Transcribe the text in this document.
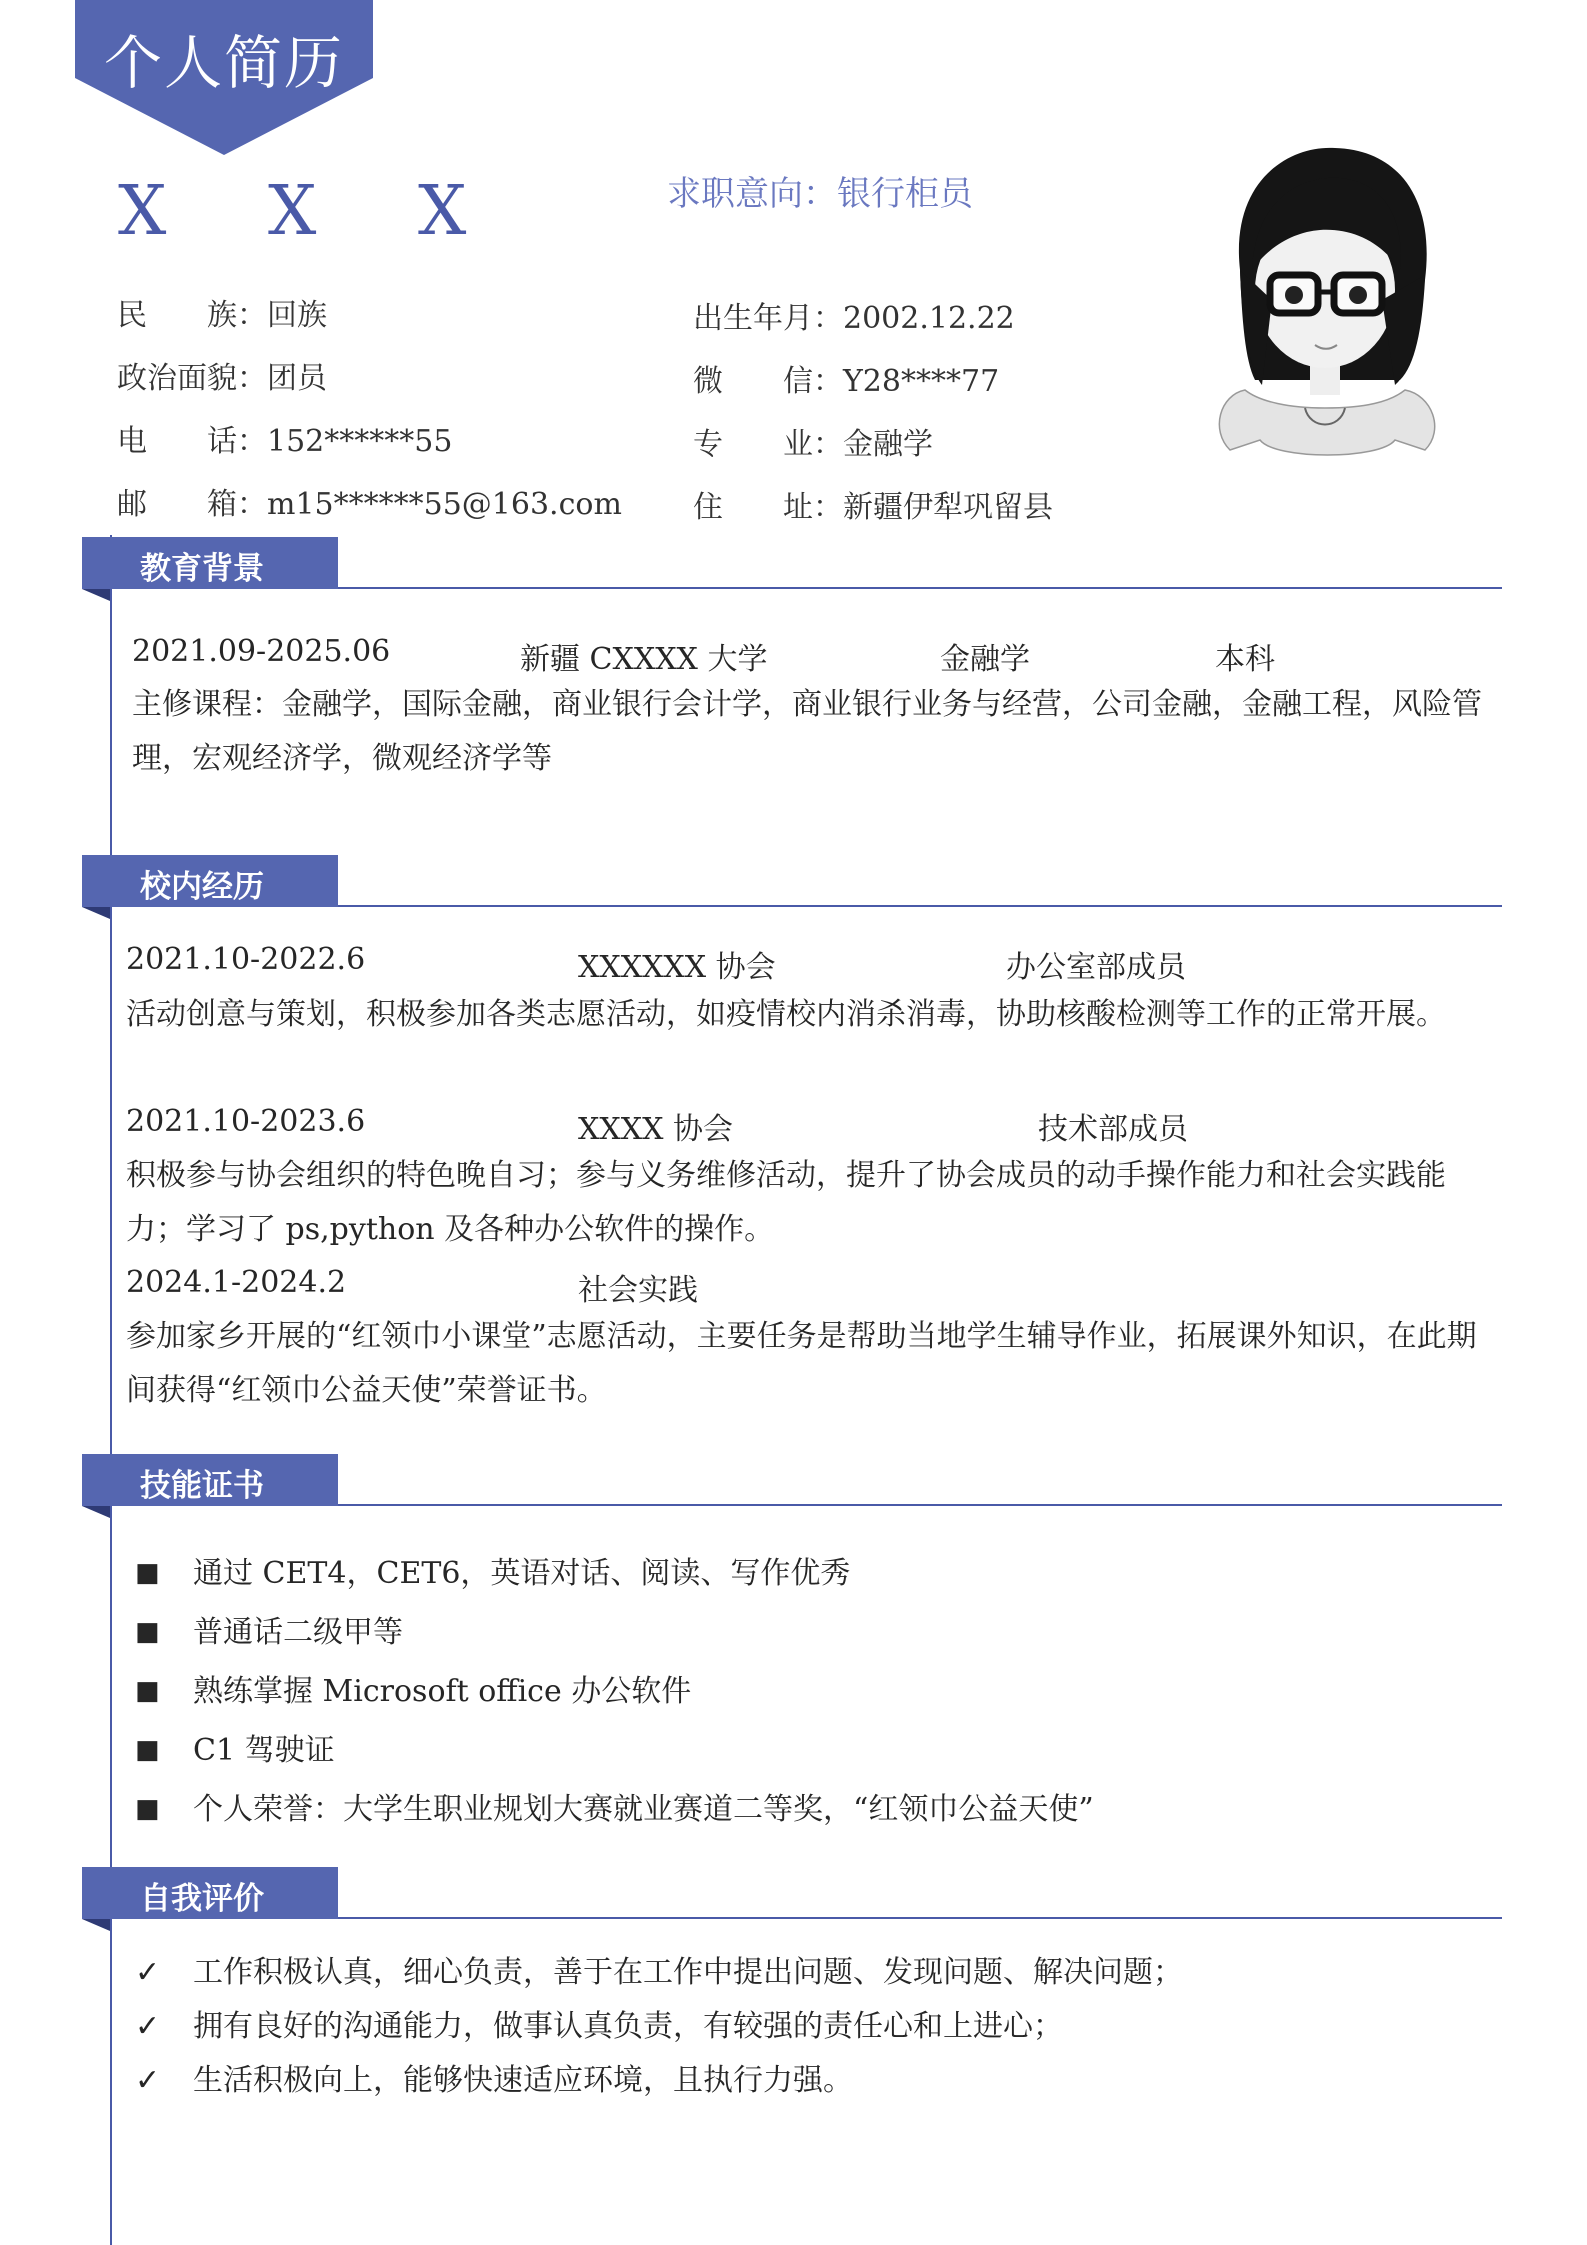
个人简历
X X X	求职意向：银行柜员
民族：回族
政治面貌：团员
电话：152******55
邮箱：m15******55@163.com
出生年月：2002.12.22
微信：Y28****77
专业：金融学
住址：新疆伊犁巩留县
教育背景
2021.09-2025.06	新疆 CXXXX 大学	金融学	本科
主修课程：金融学，国际金融，商业银行会计学，商业银行业务与经营，公司金融，金融工程，风险管理，宏观经济学，微观经济学等
校内经历
2021.10-2022.6	XXXXXX 协会	办公室部成员
活动创意与策划，积极参加各类志愿活动，如疫情校内消杀消毒，协助核酸检测等工作的正常开展。
2021.10-2023.6	XXXX 协会	技术部成员
积极参与协会组织的特色晚自习；参与义务维修活动，提升了协会成员的动手操作能力和社会实践能力；学习了 ps,python 及各种办公软件的操作。
2024.1-2024.2	社会实践
参加家乡开展的“红领巾小课堂”志愿活动，主要任务是帮助当地学生辅导作业，拓展课外知识，在此期间获得“红领巾公益天使”荣誉证书。
技能证书
■ 通过 CET4，CET6，英语对话、阅读、写作优秀
■ 普通话二级甲等
■ 熟练掌握 Microsoft office 办公软件
■ C1 驾驶证
■ 个人荣誉：大学生职业规划大赛就业赛道二等奖，“红领巾公益天使”
自我评价
✓ 工作积极认真，细心负责，善于在工作中提出问题、发现问题、解决问题；
✓ 拥有良好的沟通能力，做事认真负责，有较强的责任心和上进心；
✓ 生活积极向上，能够快速适应环境，且执行力强。
